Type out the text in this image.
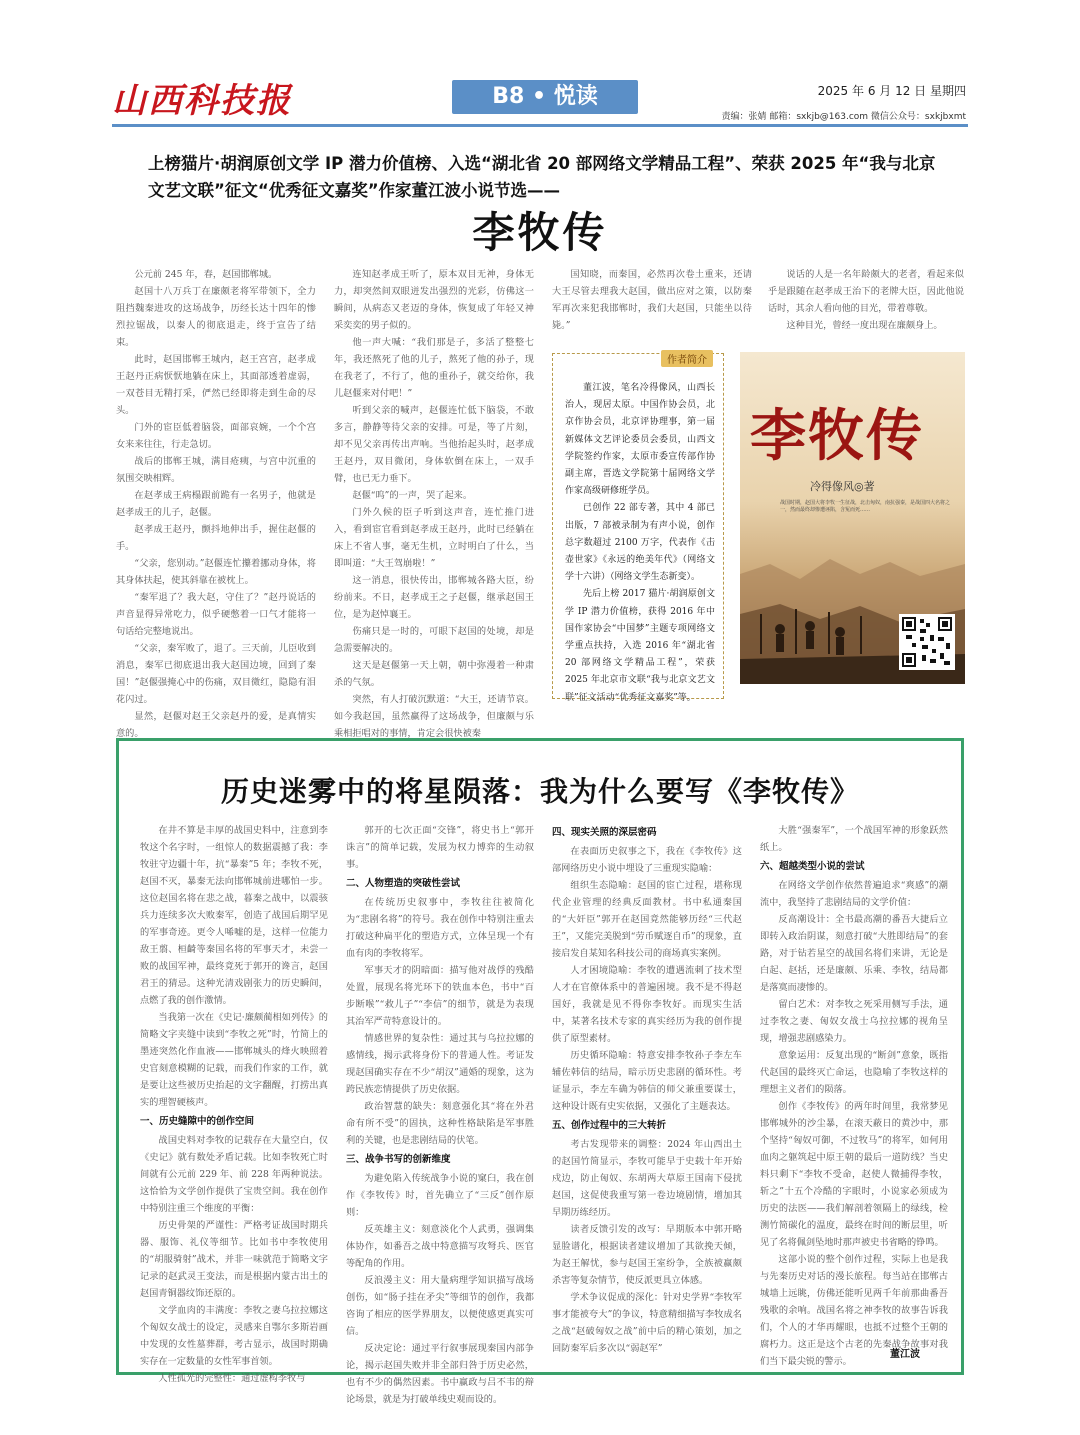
山西科技报	B8 • 悦读	2025 年 6 月 12 日 星期四
责编：张婧 邮箱：sxkjb@163.com 微信公众号：sxkjbxmt
上榜猫片·胡润原创文学 IP 潜力价值榜、入选“湖北省 20 部网络文学精品工程”、荣获 2025 年“我与北京文艺文联”征文“优秀征文嘉奖”作家董江波小说节选——
李牧传

公元前 245 年，春，赵国邯郸城。

赵国十八万兵丁在廉颇老将军带领下，全力阻挡魏秦进攻的这场战争，历经长达十四年的惨烈拉锯战，以秦人的彻底退走，终于宣告了结束。

此时，赵国邯郸王城内，赵王宫宫，赵孝成王赵丹正病恹恹地躺在床上，其面部透着虚弱，一双苍目无精打采，俨然已经即将走到生命的尽头。

门外的宦臣低着脑袋，面部哀婉，一个个宫女来来往往，行走急切。

战后的邯郸王城，满目疮痍，与宫中沉重的氛围交映相辉。

在赵孝成王病榻跟前跪有一名男子，他就是赵孝成王的儿子，赵偃。

赵孝成王赵丹，颤抖地伸出手，握住赵偃的手。

“父亲，您别动。”赵偃连忙攥着挪动身体，将其身体扶起，使其斜靠在被枕上。

“秦军退了？我大赵，守住了？”赵丹说话的声音显得异常吃力，似乎硬憋着一口气才能将一句话给完整地说出。

“父亲，秦军败了，退了。三天前，儿臣收到消息，秦军已彻底退出我大赵国边境，回到了秦国！”赵偃强掩心中的伤痛，双目微红，隐隐有泪花闪过。

显然，赵偃对赵王父亲赵丹的爱，是真情实意的。

连知赵孝成王听了，原本双目无神，身体无力，却突然间双眼迸发出强烈的光彩，仿佛这一瞬间，从病态又老迈的身体，恢复成了年轻又神采奕奕的男子似的。

他一声大喊：“我们那是子，多活了整整七年，我还熬死了他的儿子，熬死了他的孙子，现在我老了，不行了，他的重孙子，就交给你，我儿赵偃来对付吧！”

听到父亲的喊声，赵偃连忙低下脑袋，不敢多言，静静等待父亲的安排。可是，等了片刻，却不见父亲再传出声响。当他抬起头时，赵孝成王赵丹，双目微闭，身体软倒在床上，一双手臂，也已无力垂下。

赵偃“呜”的一声，哭了起来。

门外久候的臣子听到这声音，连忙推门进入，看到宦官看到赵孝成王赵丹，此时已经躺在床上不省人事，毫无生机，立时明白了什么，当即叫道：“大王驾崩啦！”

这一消息，很快传出，邯郸城各路大臣，纷纷前来。不日，赵孝成王之子赵偃，继承赵国王位，是为赵悼襄王。

伤痛只是一时的，可眼下赵国的处境，却是急需要解决的。

这天是赵偃第一天上朝，朝中弥漫着一种肃杀的气氛。

突然，有人打破沉默道：“大王，还请节哀。如今我赵国，虽然赢得了这场战争，但廉颇与乐乘相拒唱对的事情，肯定会很快被秦

国知晓，而秦国，必然再次卷土重来，还请大王尽管去理我大赵国，做出应对之策，以防秦军再次来犯我邯郸时，我们大赵国，只能坐以待毙。”

说话的人是一名年龄颇大的老者，看起来似乎是跟随在赵孝成王治下的老牌大臣，因此他说话时，其余人看向他的目光，带着尊敬。

这种目光，曾经一度出现在廉颇身上。

作者简介

董江波，笔名冷得像风，山西长治人，现居太原。中国作协会员，北京作协会员，北京评协理事，第一届新媒体文艺评论委员会委员，山西文学院签约作家，太原市委宣传部作协副主席，晋选文学院第十届网络文学作家高级研修班学员。

已创作 22 部专著，其中 4 部已出版，7 部被录制为有声小说，创作总字数超过 2100 万字，代表作《击壶世家》《永远的绝美年代》（网络文学十六讲）（网络文学生态新变）。

先后上榜 2017 猫片·胡润原创文学 IP 潜力价值榜，获得 2016 年中国作家协会“中国梦”主题专项网络文学重点扶持，入选 2016 年“湖北省 20 部网络文学精品工程”，荣获 2025 年北京市文联“我与北京文艺文联”征文活动“优秀征文嘉奖”等。

李牧传
冷得像风◎著
战国时期，赵国大将李牧一生征战，北击匈奴，南抗强秦，是战国四大名将之一，然而最终却惨遭诬陷，含冤而死……
历史迷雾中的将星陨落：我为什么要写《李牧传》

在井不算是丰厚的战国史料中，注意到李牧这个名字时，一组惊人的数据震撼了我：李牧驻守边疆十年，抗“暴秦”5 年；李牧不死，赵国不灭，暴秦无法向邯郸城前进哪怕一步。这位赵国名将在悲之战，暮秦之战中，以震骇兵力连续多次大败秦军，创造了战国后期罕见的军事奇迹。更令人唏嘘的是，这样一位能力敌王翦、桓齮等秦国名将的军事天才，未尝一败的战国军神，最终竟死于郭开的谗言，赵国君王的猜忌。这种光清戏剧张力的历史瞬间，点燃了我的创作激情。

当我第一次在《史记·廉颇蔺相如列传》的简略文字夹缝中读到“李牧之死”时，竹简上的墨迹突然化作血液——邯郸城头的烽火映照着史官刻意模糊的记载，而我们作家的工作，就是要让这些被历史抬起的文字翻醒，打捞出真实的理智硬核声。

一、历史缝隙中的创作空间

战国史料对李牧的记载存在大量空白，仅《史记》就有数处矛盾记载。比如李牧死亡时间就有公元前 229 年、前 228 年两种说法。这恰恰为文学创作提供了宝贵空间。我在创作中特别注重三个维度的平衡：

历史骨架的严谨性：严格考证战国时期兵器、服饰、礼仪等细节。比如书中李牧使用的“胡服骑射”战术，并非一味就范于简略文字记录的赵武灵王变法，而是根据内蒙古出土的赵国青铜器纹饰还原的。

文学血肉的丰满度：李牧之妻乌拉拉娜这个匈奴女战士的设定，灵感来自鄂尔多斯岩画中发现的女性墓葬群，考古显示，战国时期确实存在一定数量的女性军事首领。

人性孤光的完整性：通过虚构李牧与

郭开的七次正面“交锋”，将史书上“郭开诛言”的简单记载，发展为权力博弈的生动叙事。

二、人物塑造的突破性尝试

在传统历史叙事中，李牧往往被简化为“悲剧名将”的符号。我在创作中特别注重去打破这种扁平化的塑造方式，立体呈现一个有血有肉的李牧将军。

军事天才的阴暗面：描写他对战俘的残酷处置，展现名将光环下的铁血本色，书中“百步断喉”“救儿子”“李信”的细节，就是为表现其治军严苛特意设计的。

情感世界的复杂性：通过其与乌拉拉娜的感情线，揭示武将身份下的普通人性。考证发现赵国确实存在不少“胡汉”通婚的现象，这为跨民族恋情提供了历史依据。

政治智慧的缺失：刻意强化其“将在外君命有所不受”的固执，这种性格缺陷是军事胜利的关键，也是悲剧结局的伏笔。

三、战争书写的创新维度

为避免陷入传统战争小说的窠臼，我在创作《李牧传》时，首先确立了“三反”创作原则：

反英雄主义：刻意淡化个人武勇，强调集体协作，如番吾之战中特意描写攻弩兵、医官等配角的作用。

反浪漫主义：用大量病理学知识描写战场创伤，如“肠子挂在矛尖”等细节的创作，我都咨询了相应的医学界朋友，以便使感更真实可信。

反决定论：通过平行叙事展现秦国内部争论，揭示赵国失败并非全部归咎于历史必然，也有不少的偶然因素。书中赢政与吕不韦的辩论场景，就是为打破单线史观而设的。

四、现实关照的深层密码

在表面历史叙事之下，我在《李牧传》这部网络历史小说中埋设了三重现实隐喻：

组织生态隐喻：赵国的宦亡过程，堪称现代企业管理的经典反面教材。书中私通秦国的“大奸臣”郭开在赵国竟然能够历经“三代赵王”，又能完美脱到“劳币赋逐自币”的现象，直接启发自某知名科技公司的商场真实案例。

人才困境隐喻：李牧的遭遇流刺了技术型人才在官僚体系中的普遍困境。我不是不得赵国好，我就是见不得你李牧好。而现实生活中，某著名技术专家的真实经历为我的创作提供了原型素材。

历史循环隐喻：特意安排李牧孙子李左车辅佐韩信的结局，暗示历史悲剧的循环性。考证显示，李左车确为韩信的师父兼重要谋士，这种设计既有史实依据，又强化了主题表达。

五、创作过程中的三大转折

考古发现带来的调整：2024 年山西出土的赵国竹简显示，李牧可能早于史载十年开始戍边，防止匈奴、东胡两大草原王国南下侵扰赵国，这促使我重写第一卷边境剧情，增加其早期历练经历。

读者反馈引发的改写：早期版本中郭开略显脸谱化，根据读者建议增加了其欲挽天倾，为赵王解忧，参与赵国王室纷争，全族被赢颇杀害等复杂情节，使反派更具立体感。

学术争议促成的深化：针对史学界“李牧军事才能被夸大”的争议，特意精细描写李牧成名之战“赵破匈奴之战”前中后的精心策划，加之回防秦军后多次以“弱赵军”

大胜“强秦军”，一个战国军神的形象跃然纸上。

六、超越类型小说的尝试

在网络文学创作依然普遍追求“爽感”的潮流中，我坚持了悲剧结局的文学价值：

反高潮设计：全书最高潮的番吾大捷后立即转入政治阴谋，刻意打破“大胜即结局”的套路，对于钻若星空的战国名将们来讲，无论是白起、赵括，还是廉颇、乐乘、李牧，结局都是落寞而凄惨的。

留白艺术：对李牧之死采用侧写手法，通过李牧之妻、匈奴女战士乌拉拉娜的视角呈现，增强悲剧感染力。

意象运用：反复出现的“断剑”意象，既指代赵国的最终灭亡命运，也隐喻了李牧这样的理想主义者们的陨落。

创作《李牧传》的两年时间里，我常梦见邯郸城外的沙尘暴，在滚天蔽日的黄沙中，那个坚持“匈奴可御，不过牧马”的将军，如何用血肉之躯筑起中原王朝的最后一道防线？当史料只剩下“李牧不受命，赵使人微捕得李牧，斩之”十五个冷酷的字眼时，小说家必须成为历史的法医——我们解剖着领隔上的绿线，检测竹简碳化的温度，最终在时间的断层里，听见了名将佩剑坠地时那声被史书省略的铮鸣。

这部小说的整个创作过程，实际上也是我与先秦历史对话的漫长旅程。每当站在邯郸古城墙上远眺，仿佛还能听见两千年前那曲番吾残歌的余响。战国名将之神李牧的故事告诉我们，个人的才华再耀眼，也抵不过整个王朝的腐朽力。这正是这个古老的先秦战争故事对我们当下最尖锐的警示。

董江波
